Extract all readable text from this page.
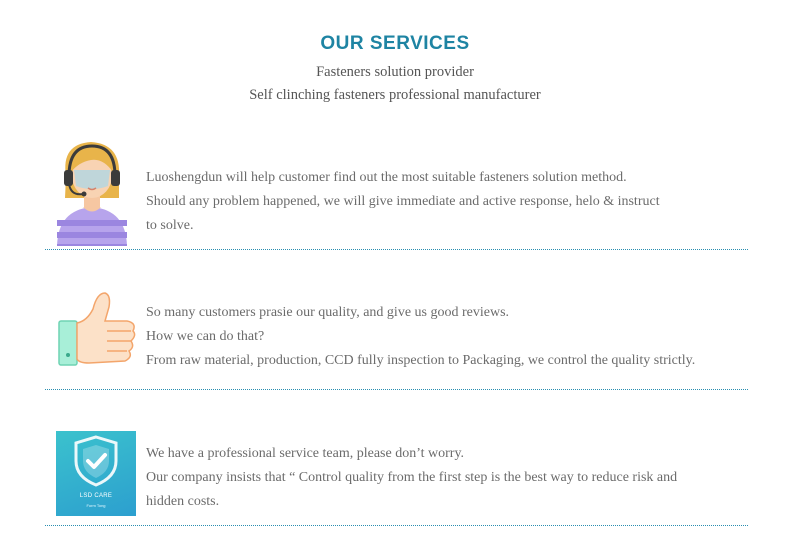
OUR SERVICES
Fasteners solution provider
Self clinching fasteners professional manufacturer

Luoshengdun will help customer find out the most suitable fasteners solution method.

Should any problem happened, we will give immediate and active response, helo & instruct

to solve.

So many customers prasie our quality, and give us good reviews.

How we can do that?

From raw material, production, CCD fully inspection to Packaging, we control the quality strictly.

LSD CARE
Form Tong

We have a professional service team, please don’t worry.

Our company insists that “ Control quality from the first step is the best way to reduce risk and

hidden costs.
